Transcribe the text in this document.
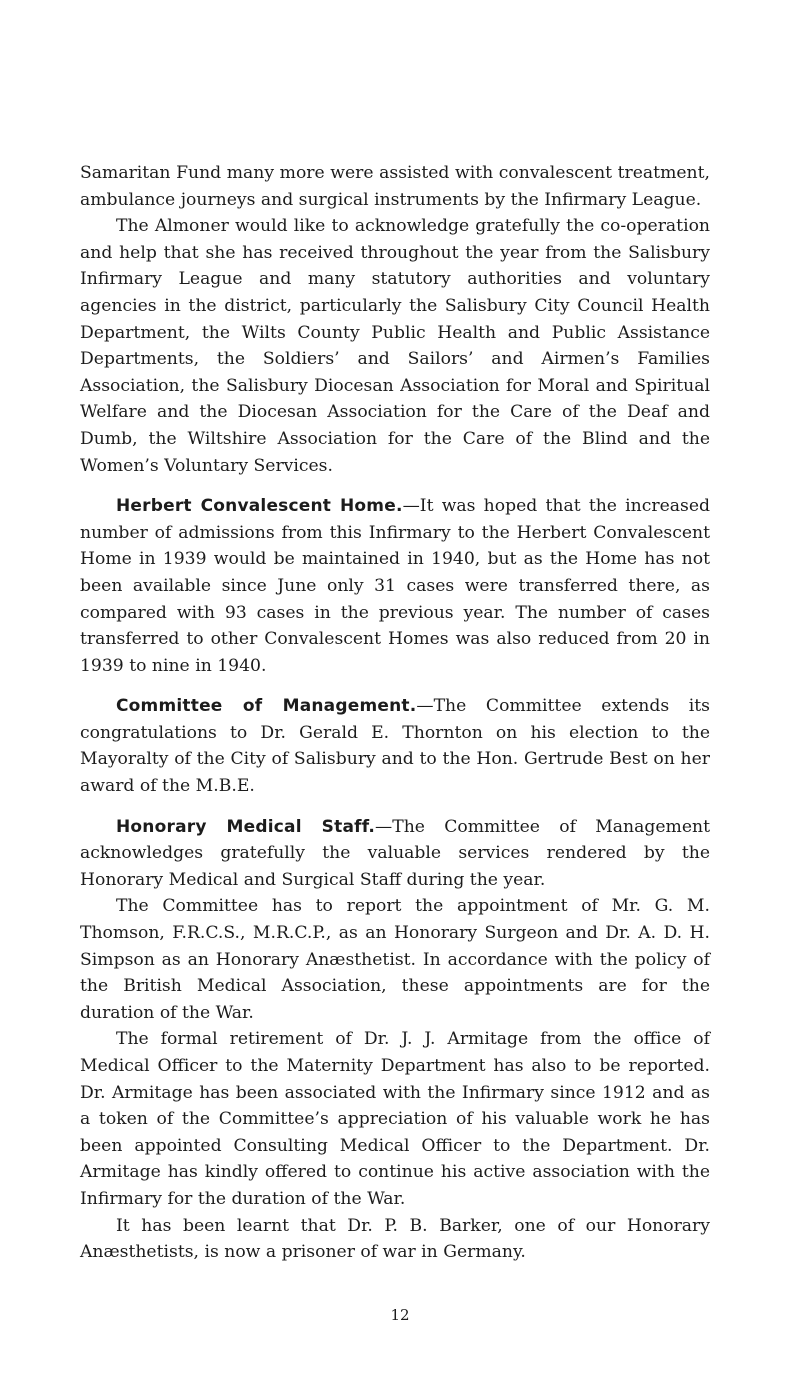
Samaritan Fund many more were assisted with convalescent treatment, ambulance journeys and surgical instruments by the Infirmary League.

The Almoner would like to acknowledge gratefully the co-operation and help that she has received throughout the year from the Salisbury Infirmary League and many statutory authorities and voluntary agencies in the district, particularly the Salisbury City Council Health Department, the Wilts County Public Health and Public Assistance Departments, the Soldiers’ and Sailors’ and Airmen’s Families Association, the Salisbury Diocesan Association for Moral and Spiritual Welfare and the Diocesan Association for the Care of the Deaf and Dumb, the Wiltshire Association for the Care of the Blind and the Women’s Voluntary Services.

Herbert Convalescent Home.—It was hoped that the increased number of admissions from this Infirmary to the Herbert Convalescent Home in 1939 would be maintained in 1940, but as the Home has not been available since June only 31 cases were transferred there, as compared with 93 cases in the previous year. The number of cases transferred to other Convalescent Homes was also reduced from 20 in 1939 to nine in 1940.

Committee of Management.—The Committee extends its congratulations to Dr. Gerald E. Thornton on his election to the Mayoralty of the City of Salisbury and to the Hon. Gertrude Best on her award of the M.B.E.

Honorary Medical Staff.—The Committee of Management acknowledges gratefully the valuable services rendered by the Honorary Medical and Surgical Staff during the year.

The Committee has to report the appointment of Mr. G. M. Thomson, F.R.C.S., M.R.C.P., as an Honorary Surgeon and Dr. A. D. H. Simpson as an Honorary Anæsthetist. In accordance with the policy of the British Medical Association, these appointments are for the duration of the War.

The formal retirement of Dr. J. J. Armitage from the office of Medical Officer to the Maternity Department has also to be reported. Dr. Armitage has been associated with the Infirmary since 1912 and as a token of the Committee’s appreciation of his valuable work he has been appointed Consulting Medical Officer to the Department. Dr. Armitage has kindly offered to continue his active association with the Infirmary for the duration of the War.

It has been learnt that Dr. P. B. Barker, one of our Honorary Anæsthetists, is now a prisoner of war in Germany.

12
